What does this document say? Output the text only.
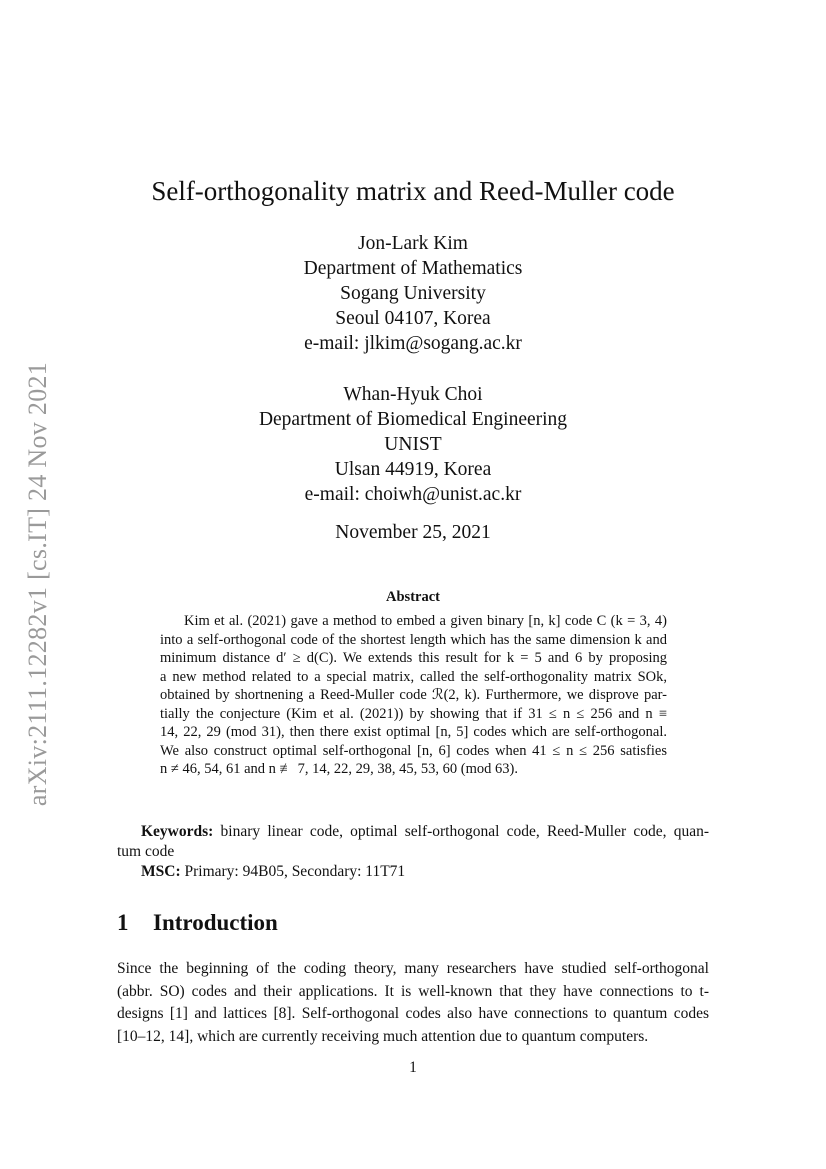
arXiv:2111.12282v1 [cs.IT] 24 Nov 2021
Self-orthogonality matrix and Reed-Muller code
Jon-Lark Kim
Department of Mathematics
Sogang University
Seoul 04107, Korea
e-mail: jlkim@sogang.ac.kr
Whan-Hyuk Choi
Department of Biomedical Engineering
UNIST
Ulsan 44919, Korea
e-mail: choiwh@unist.ac.kr
November 25, 2021
Abstract
Kim et al. (2021) gave a method to embed a given binary [n, k] code C (k = 3, 4)
into a self-orthogonal code of the shortest length which has the same dimension k and
minimum distance d′ ≥ d(C). We extends this result for k = 5 and 6 by proposing
a new method related to a special matrix, called the self-orthogonality matrix SOk,
obtained by shortnening a Reed-Muller code ℛ(2, k). Furthermore, we disprove par-
tially the conjecture (Kim et al. (2021)) by showing that if 31 ≤ n ≤ 256 and n ≡
14, 22, 29 (mod 31), then there exist optimal [n, 5] codes which are self-orthogonal.
We also construct optimal self-orthogonal [n, 6] codes when 41 ≤ n ≤ 256 satisfies
n ≠ 46, 54, 61 and n ≢ 7, 14, 22, 29, 38, 45, 53, 60 (mod 63).
Keywords: binary linear code, optimal self-orthogonal code, Reed-Muller code, quan-
tum code
MSC: Primary: 94B05, Secondary: 11T71
1 Introduction
Since the beginning of the coding theory, many researchers have studied self-orthogonal
(abbr. SO) codes and their applications. It is well-known that they have connections to t-
designs [1] and lattices [8]. Self-orthogonal codes also have connections to quantum codes
[10–12, 14], which are currently receiving much attention due to quantum computers.
1
